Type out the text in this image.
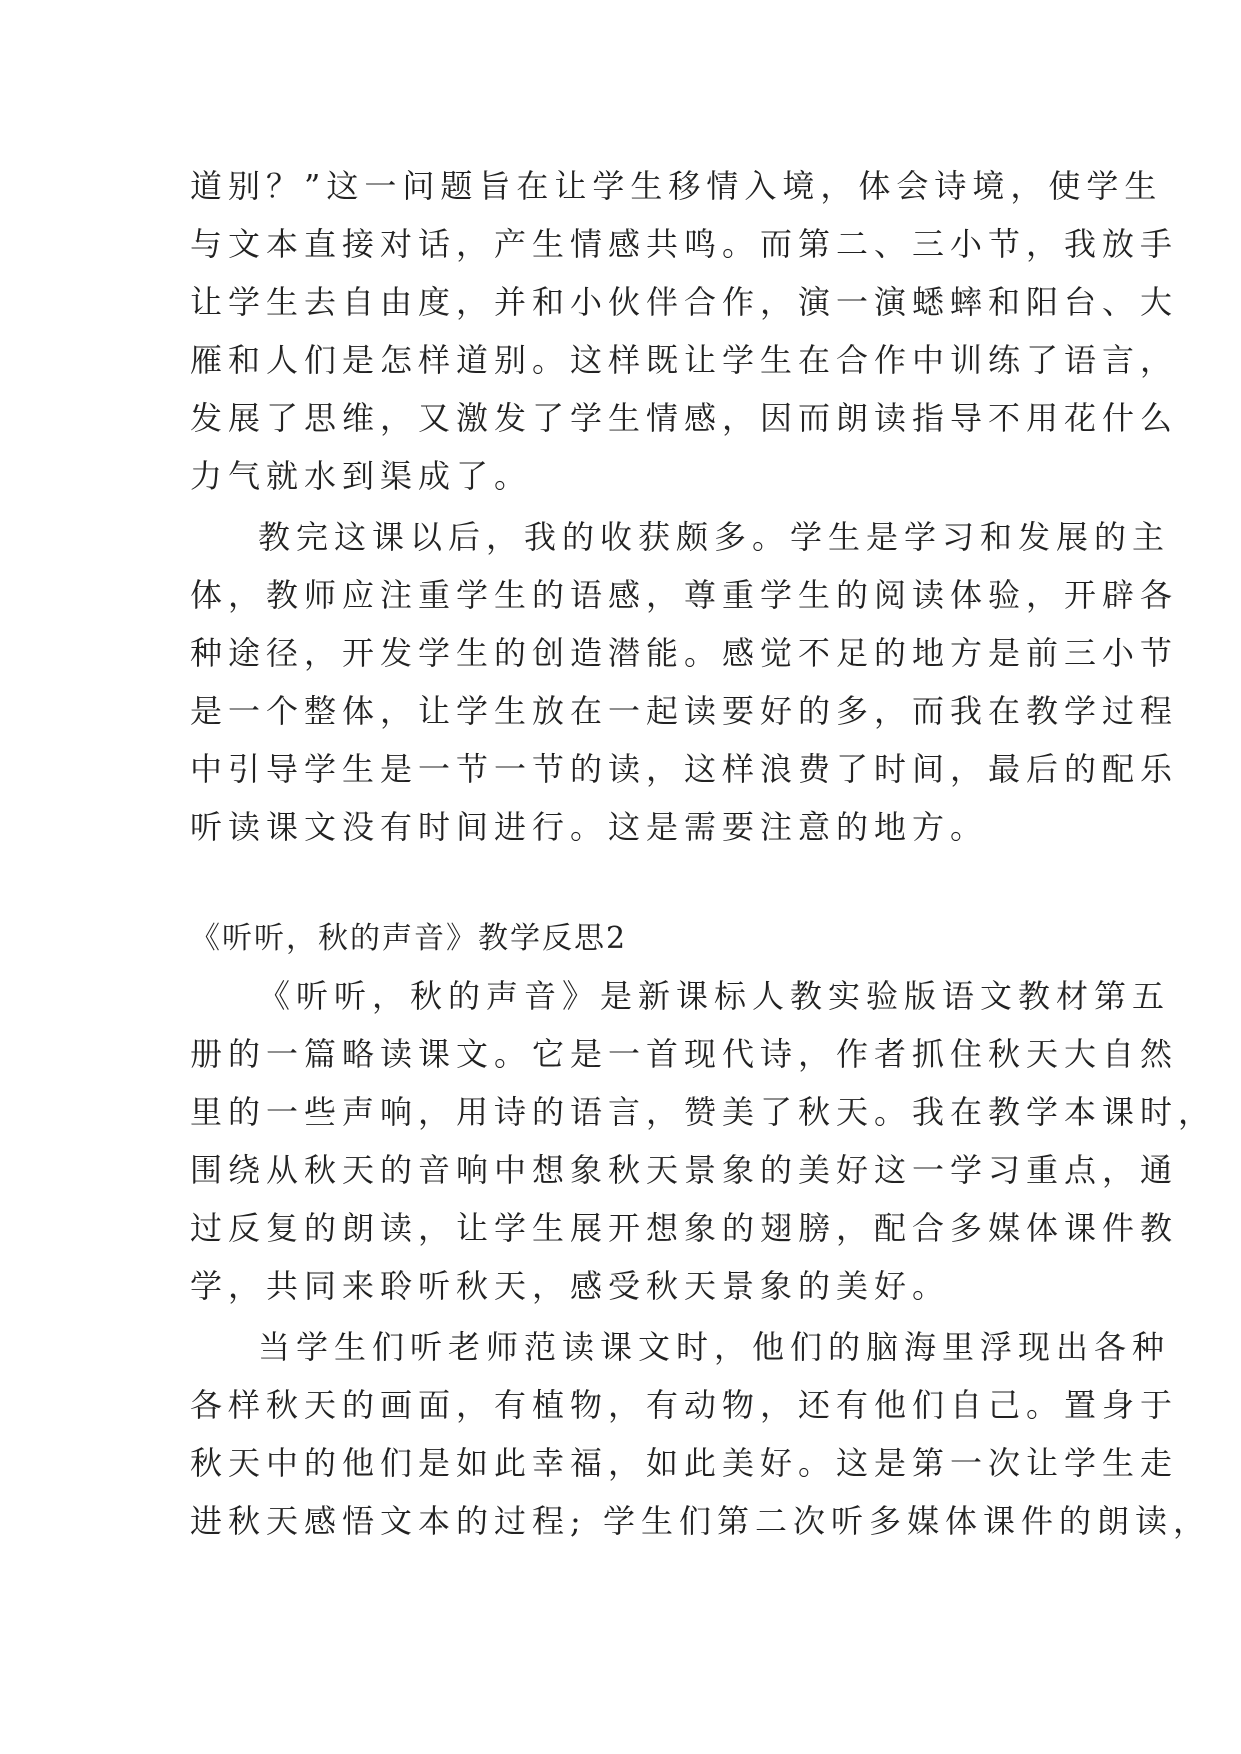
道别？”这一问题旨在让学生移情入境，体会诗境，使学生
与文本直接对话，产生情感共鸣。而第二、三小节，我放手
让学生去自由度，并和小伙伴合作，演一演蟋蟀和阳台、大
雁和人们是怎样道别。这样既让学生在合作中训练了语言，
发展了思维，又激发了学生情感，因而朗读指导不用花什么
力气就水到渠成了。
教完这课以后，我的收获颇多。学生是学习和发展的主
体，教师应注重学生的语感，尊重学生的阅读体验，开辟各
种途径，开发学生的创造潜能。感觉不足的地方是前三小节
是一个整体，让学生放在一起读要好的多，而我在教学过程
中引导学生是一节一节的读，这样浪费了时间，最后的配乐
听读课文没有时间进行。这是需要注意的地方。
《听听，秋的声音》教学反思2
《听听，秋的声音》是新课标人教实验版语文教材第五
册的一篇略读课文。它是一首现代诗，作者抓住秋天大自然
里的一些声响，用诗的语言，赞美了秋天。我在教学本课时，
围绕从秋天的音响中想象秋天景象的美好这一学习重点，通
过反复的朗读，让学生展开想象的翅膀，配合多媒体课件教
学，共同来聆听秋天，感受秋天景象的美好。
当学生们听老师范读课文时，他们的脑海里浮现出各种
各样秋天的画面，有植物，有动物，还有他们自己。置身于
秋天中的他们是如此幸福，如此美好。这是第一次让学生走
进秋天感悟文本的过程; 学生们第二次听多媒体课件的朗读，
